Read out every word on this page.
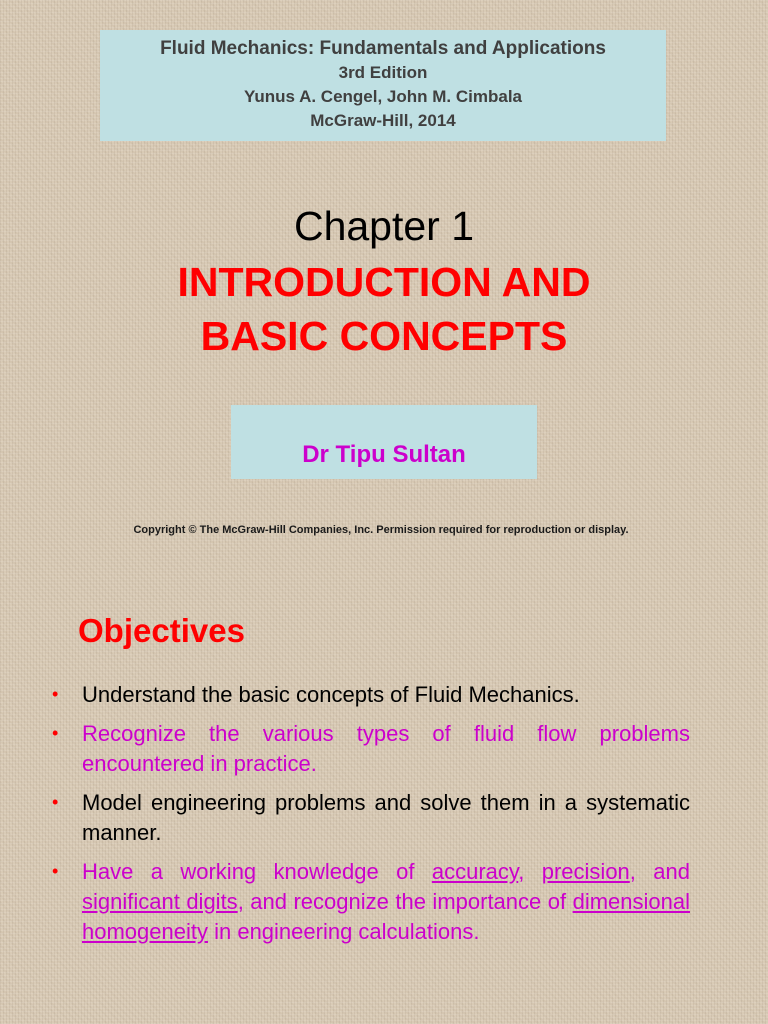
Fluid Mechanics: Fundamentals and Applications
3rd Edition
Yunus A. Cengel, John M. Cimbala
McGraw-Hill, 2014
Chapter 1
INTRODUCTION AND
BASIC CONCEPTS
Dr Tipu Sultan
Copyright © The McGraw-Hill Companies, Inc. Permission required for reproduction or display.
Objectives
• Understand the basic concepts of Fluid Mechanics.
• Recognize the various types of fluid flow problems encountered in practice.
• Model engineering problems and solve them in a systematic manner.
• Have a working knowledge of accuracy, precision, and significant digits, and recognize the importance of dimensional homogeneity in engineering calculations.
